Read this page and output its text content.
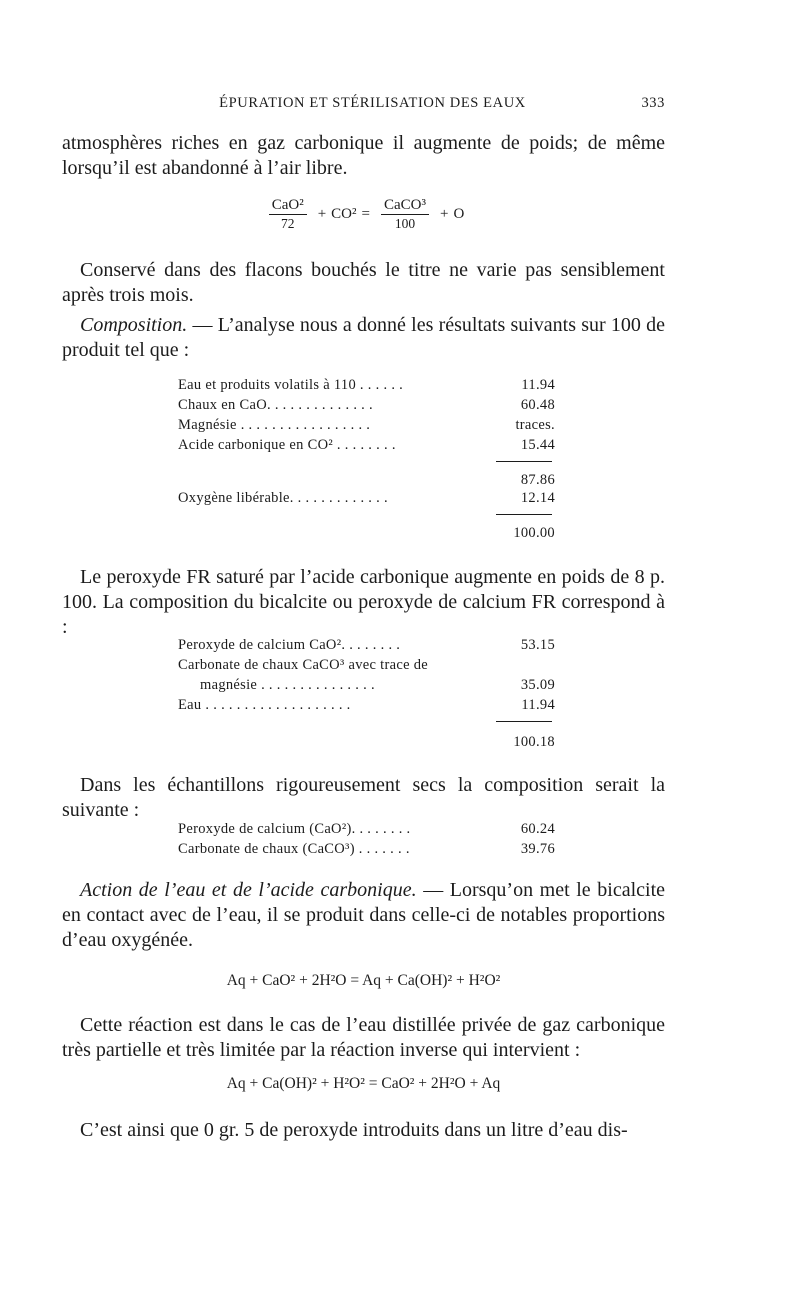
ÉPURATION ET STÉRILISATION DES EAUX	333
atmosphères riches en gaz carbonique il augmente de poids; de même lorsqu’il est abandonné à l’air libre.
$\frac{\text{CaO²}}{72} + CO^2 = \frac{\text{CaCO³}}{100} + O$
Conservé dans des flacons bouchés le titre ne varie pas sensiblement après trois mois.
Composition. — L’analyse nous a donné les résultats suivants sur 100 de produit tel que :
Eau et produits volatils à 110 . . . . . .	11.94
Chaux en CaO. . . . . . . . . . . . . .	60.48
Magnésie . . . . . . . . . . . . . . . . .	traces.
Acide carbonique en CO² . . . . . . . .	15.44
87.86
Oxygène libérable. . . . . . . . . . . . .	12.14
100.00
Le peroxyde FR saturé par l’acide carbonique augmente en poids de 8 p. 100. La composition du bicalcite ou peroxyde de calcium FR correspond à :
Peroxyde de calcium CaO². . . . . . . .	53.15
Carbonate de chaux CaCO³ avec trace de
magnésie . . . . . . . . . . . . . . .	35.09
Eau . . . . . . . . . . . . . . . . . . .	11.94
100.18
Dans les échantillons rigoureusement secs la composition serait la suivante :
Peroxyde de calcium (CaO²). . . . . . . .	60.24
Carbonate de chaux (CaCO³) . . . . . . .	39.76
Action de l’eau et de l’acide carbonique. — Lorsqu’on met le bicalcite en contact avec de l’eau, il se produit dans celle-ci de notables proportions d’eau oxygénée.
Aq + CaO² + 2H²O = Aq + Ca(OH)² + H²O²
Cette réaction est dans le cas de l’eau distillée privée de gaz carbonique très partielle et très limitée par la réaction inverse qui intervient :
Aq + Ca(OH)² + H²O² = CaO² + 2H²O + Aq
C’est ainsi que 0 gr. 5 de peroxyde introduits dans un litre d’eau dis-
